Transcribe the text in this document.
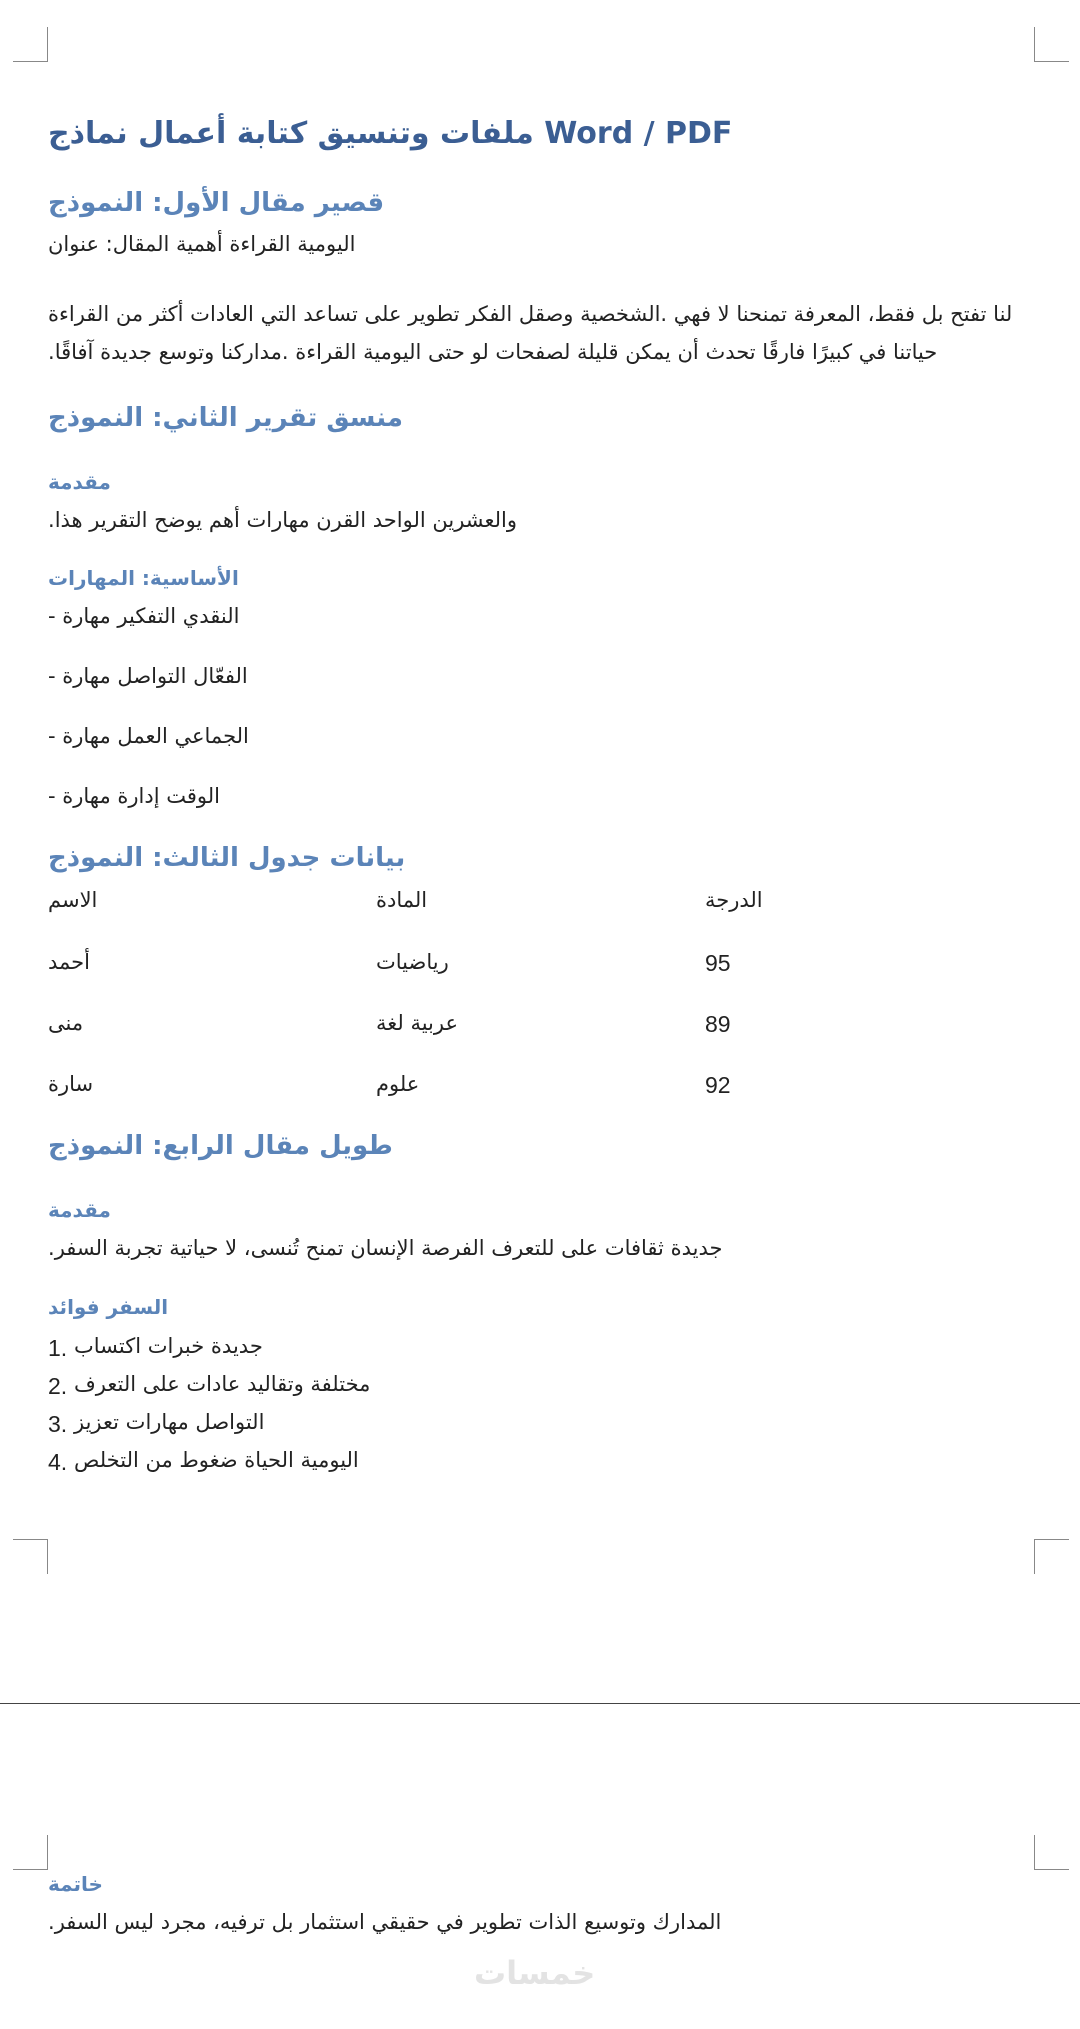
ملفات وتنسيق كتابة أعمال نماذج Word / PDF
قصير مقال الأول: النموذج
اليومية القراءة أهمية المقال: عنوان
لنا تفتح بل فقط، المعرفة تمنحنا لا فهي .الشخصية وصقل الفكر تطوير على تساعد التي العادات أكثر من القراءة
.حياتنا في كبيرًا فارقًا تحدث أن يمكن قليلة لصفحات لو حتى اليومية القراءة .مداركنا وتوسع جديدة آفاقًا
منسق تقرير الثاني: النموذج
مقدمة
.والعشرين الواحد القرن مهارات أهم يوضح التقرير هذا
الأساسية: المهارات
- النقدي التفكير مهارة
- الفعّال التواصل مهارة
- الجماعي العمل مهارة
- الوقت إدارة مهارة
بيانات جدول الثالث: النموذج
الاسم	المادة	الدرجة
أحمد	رياضيات	95
منى	عربية لغة	89
سارة	علوم	92
طويل مقال الرابع: النموذج
مقدمة
.جديدة ثقافات على للتعرف الفرصة الإنسان تمنح تُنسى، لا حياتية تجربة السفر
السفر فوائد
1. جديدة خبرات اكتساب
2. مختلفة وتقاليد عادات على التعرف
3. التواصل مهارات تعزيز
4. اليومية الحياة ضغوط من التخلص
خاتمة
.المدارك وتوسيع الذات تطوير في حقيقي استثمار بل ترفيه، مجرد ليس السفر
خمسات
